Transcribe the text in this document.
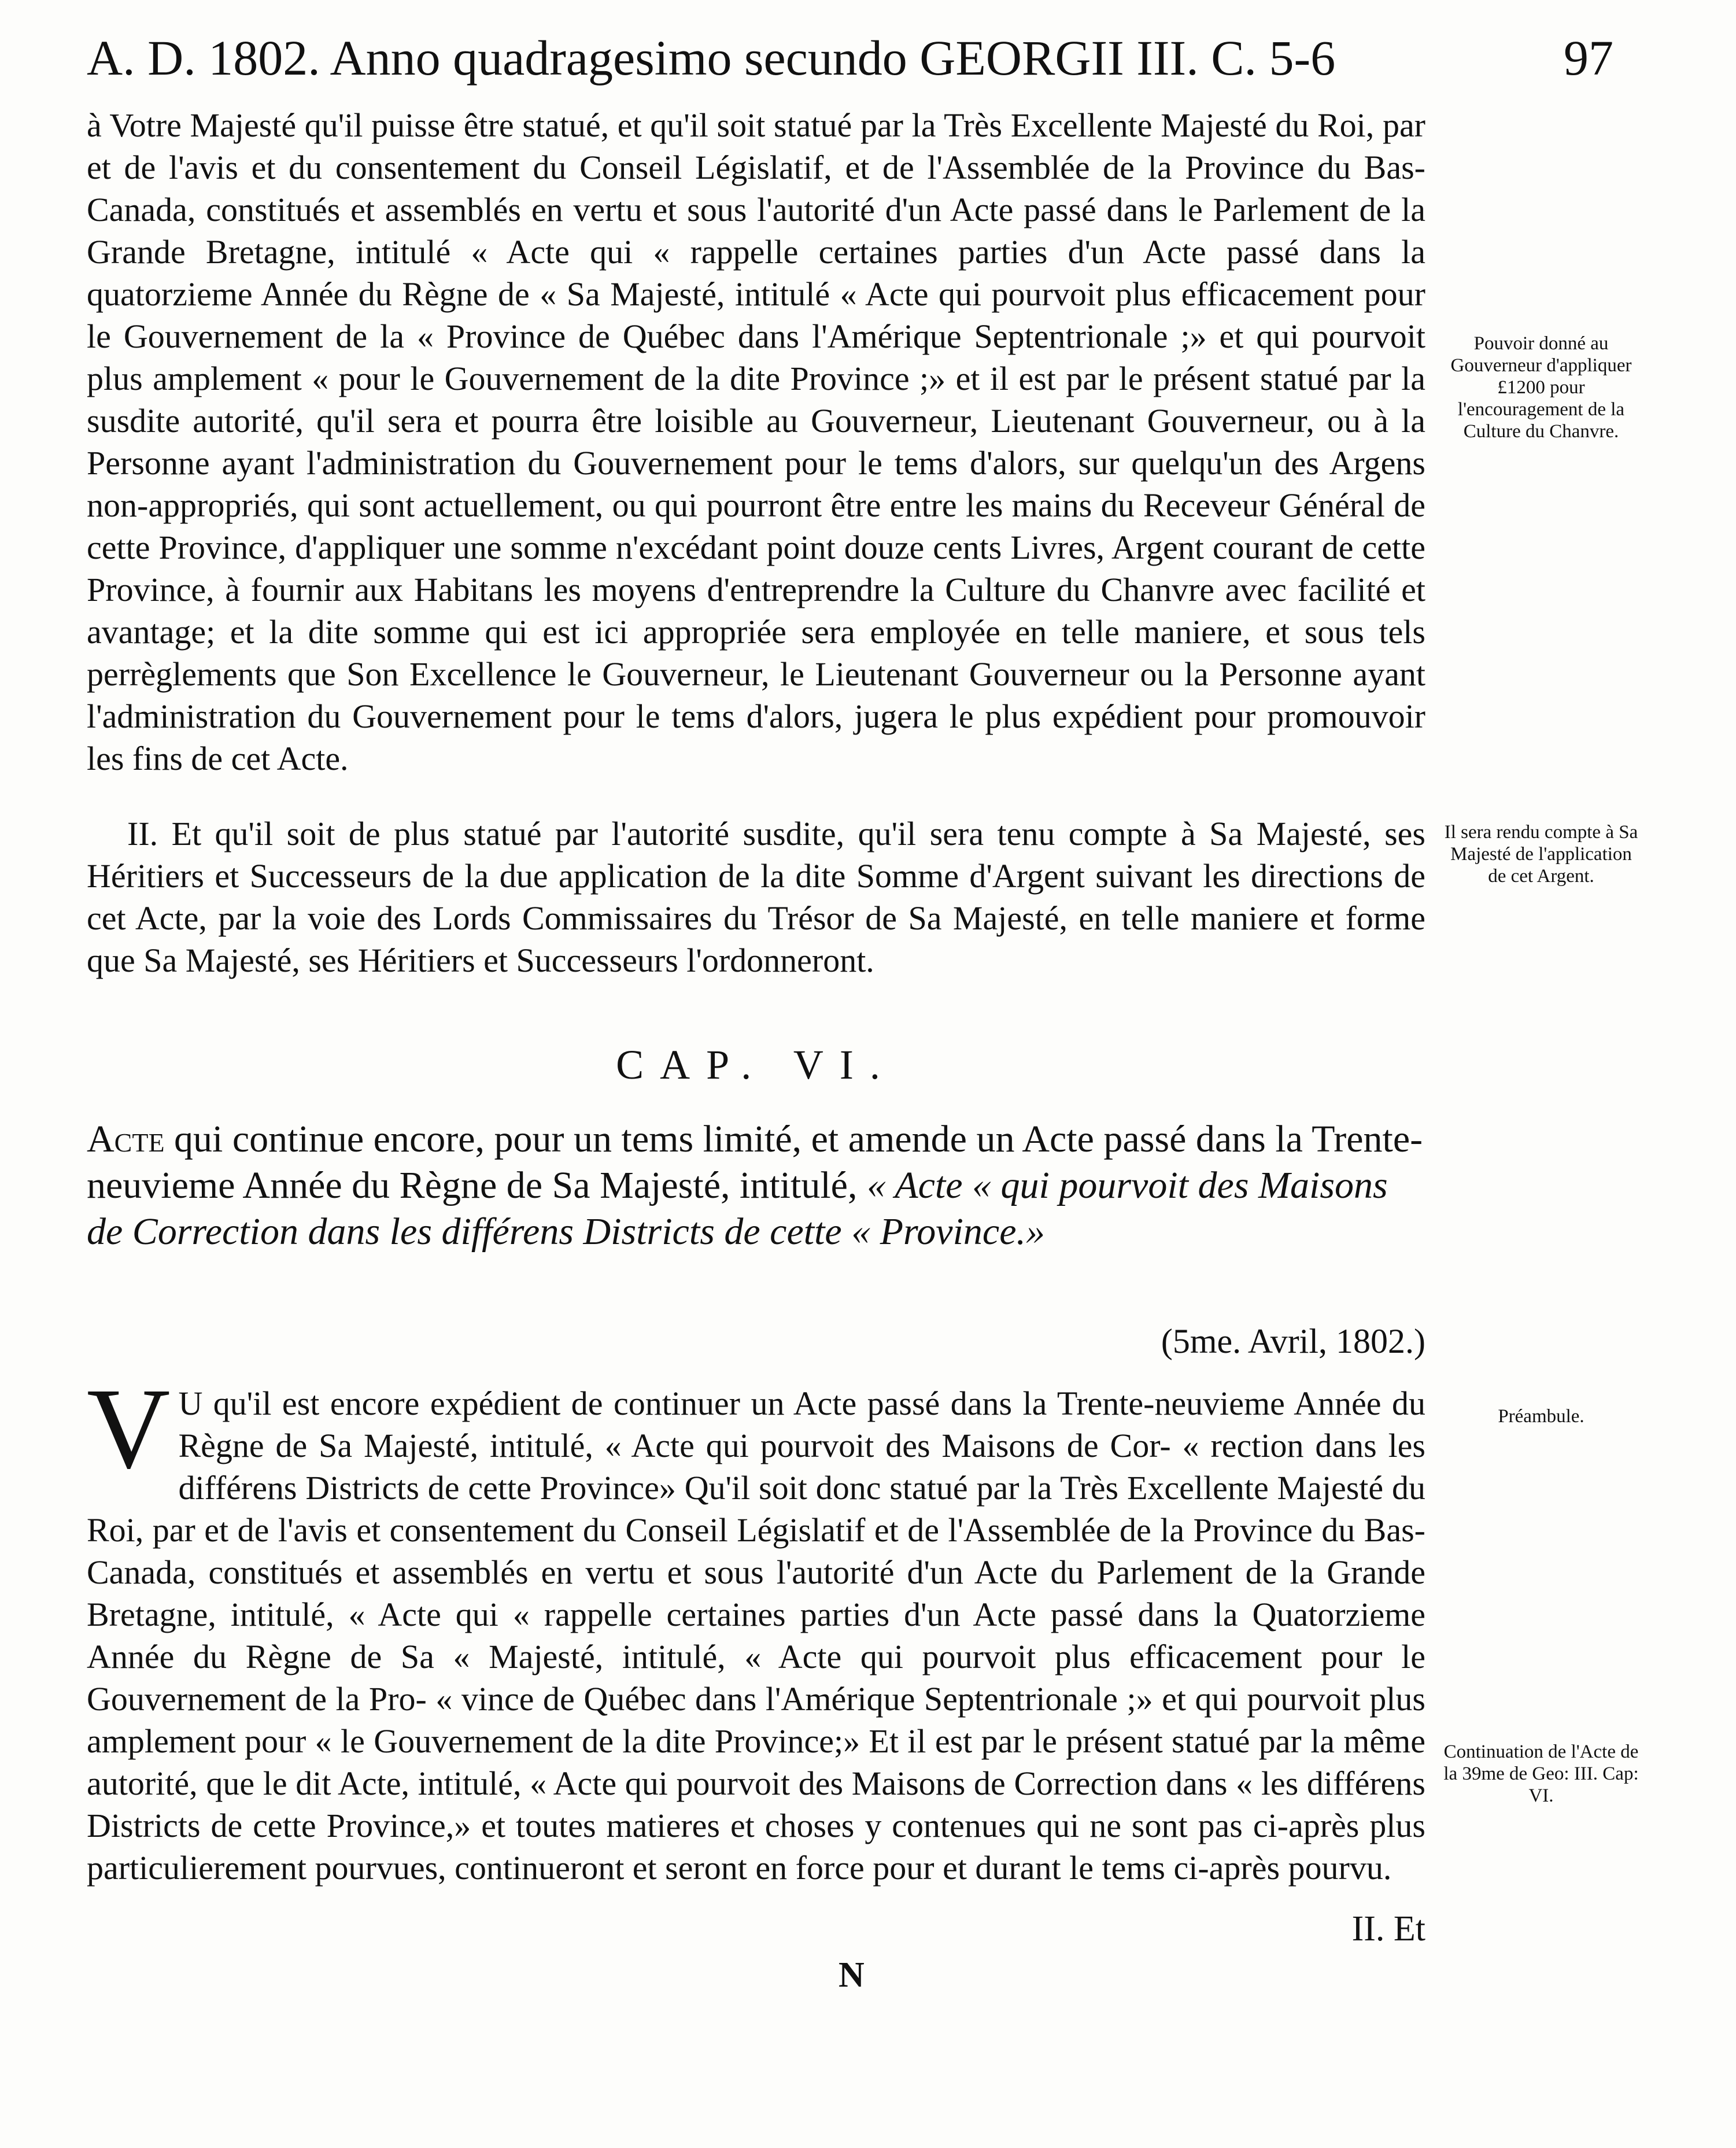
A. D. 1802. Anno quadragesimo secundo GEORGII III. C. 5-6	97
à Votre Majesté qu'il puisse être statué, et qu'il soit statué par la Très Excellente Majesté du Roi, par et de l'avis et du consentement du Conseil Législatif, et de l'Assemblée de la Province du Bas-Canada, constitués et assemblés en vertu et sous l'autorité d'un Acte passé dans le Parlement de la Grande Bretagne, intitulé « Acte qui « rappelle certaines parties d'un Acte passé dans la quatorzieme Année du Règne de « Sa Majesté, intitulé « Acte qui pourvoit plus efficacement pour le Gouvernement de la « Province de Québec dans l'Amérique Septentrionale ;» et qui pourvoit plus amplement « pour le Gouvernement de la dite Province ;» et il est par le présent statué par la susdite autorité, qu'il sera et pourra être loisible au Gouverneur, Lieutenant Gouverneur, ou à la Personne ayant l'administration du Gouvernement pour le tems d'alors, sur quelqu'un des Argens non-appropriés, qui sont actuellement, ou qui pourront être entre les mains du Receveur Général de cette Province, d'appliquer une somme n'excédant point douze cents Livres, Argent courant de cette Province, à fournir aux Habitans les moyens d'entreprendre la Culture du Chanvre avec facilité et avantage; et la dite somme qui est ici appropriée sera employée en telle maniere, et sous tels perrèglements que Son Excellence le Gouverneur, le Lieutenant Gouverneur ou la Personne ayant l'administration du Gouvernement pour le tems d'alors, jugera le plus expédient pour promouvoir les fins de cet Acte.
II. Et qu'il soit de plus statué par l'autorité susdite, qu'il sera tenu compte à Sa Majesté, ses Héritiers et Successeurs de la due application de la dite Somme d'Argent suivant les directions de cet Acte, par la voie des Lords Commissaires du Trésor de Sa Majesté, en telle maniere et forme que Sa Majesté, ses Héritiers et Successeurs l'ordonneront.
CAP. VI.
Acte qui continue encore, pour un tems limité, et amende un Acte passé dans la Trente-neuvieme Année du Règne de Sa Majesté, intitulé, « Acte « qui pourvoit des Maisons de Correction dans les différens Districts de cette « Province.»
(5me. Avril, 1802.)
V U qu'il est encore expédient de continuer un Acte passé dans la Trente-neuvieme Année du Règne de Sa Majesté, intitulé, « Acte qui pourvoit des Maisons de Cor- « rection dans les différens Districts de cette Province» Qu'il soit donc statué par la Très Excellente Majesté du Roi, par et de l'avis et consentement du Conseil Législatif et de l'Assemblée de la Province du Bas-Canada, constitués et assemblés en vertu et sous l'autorité d'un Acte du Parlement de la Grande Bretagne, intitulé, « Acte qui « rappelle certaines parties d'un Acte passé dans la Quatorzieme Année du Règne de Sa « Majesté, intitulé, « Acte qui pourvoit plus efficacement pour le Gouvernement de la Pro- « vince de Québec dans l'Amérique Septentrionale ;» et qui pourvoit plus amplement pour « le Gouvernement de la dite Province;» Et il est par le présent statué par la même autorité, que le dit Acte, intitulé, « Acte qui pourvoit des Maisons de Correction dans « les différens Districts de cette Province,» et toutes matieres et choses y contenues qui ne sont pas ci-après plus particulierement pourvues, continueront et seront en force pour et durant le tems ci-après pourvu.
II. Et
N
Pouvoir donné au Gouverneur d'appliquer £1200 pour l'encouragement de la Culture du Chanvre.
Il sera rendu compte à Sa Majesté de l'application de cet Argent.
Préambule.
Continuation de l'Acte de la 39me de Geo: III. Cap: VI.
